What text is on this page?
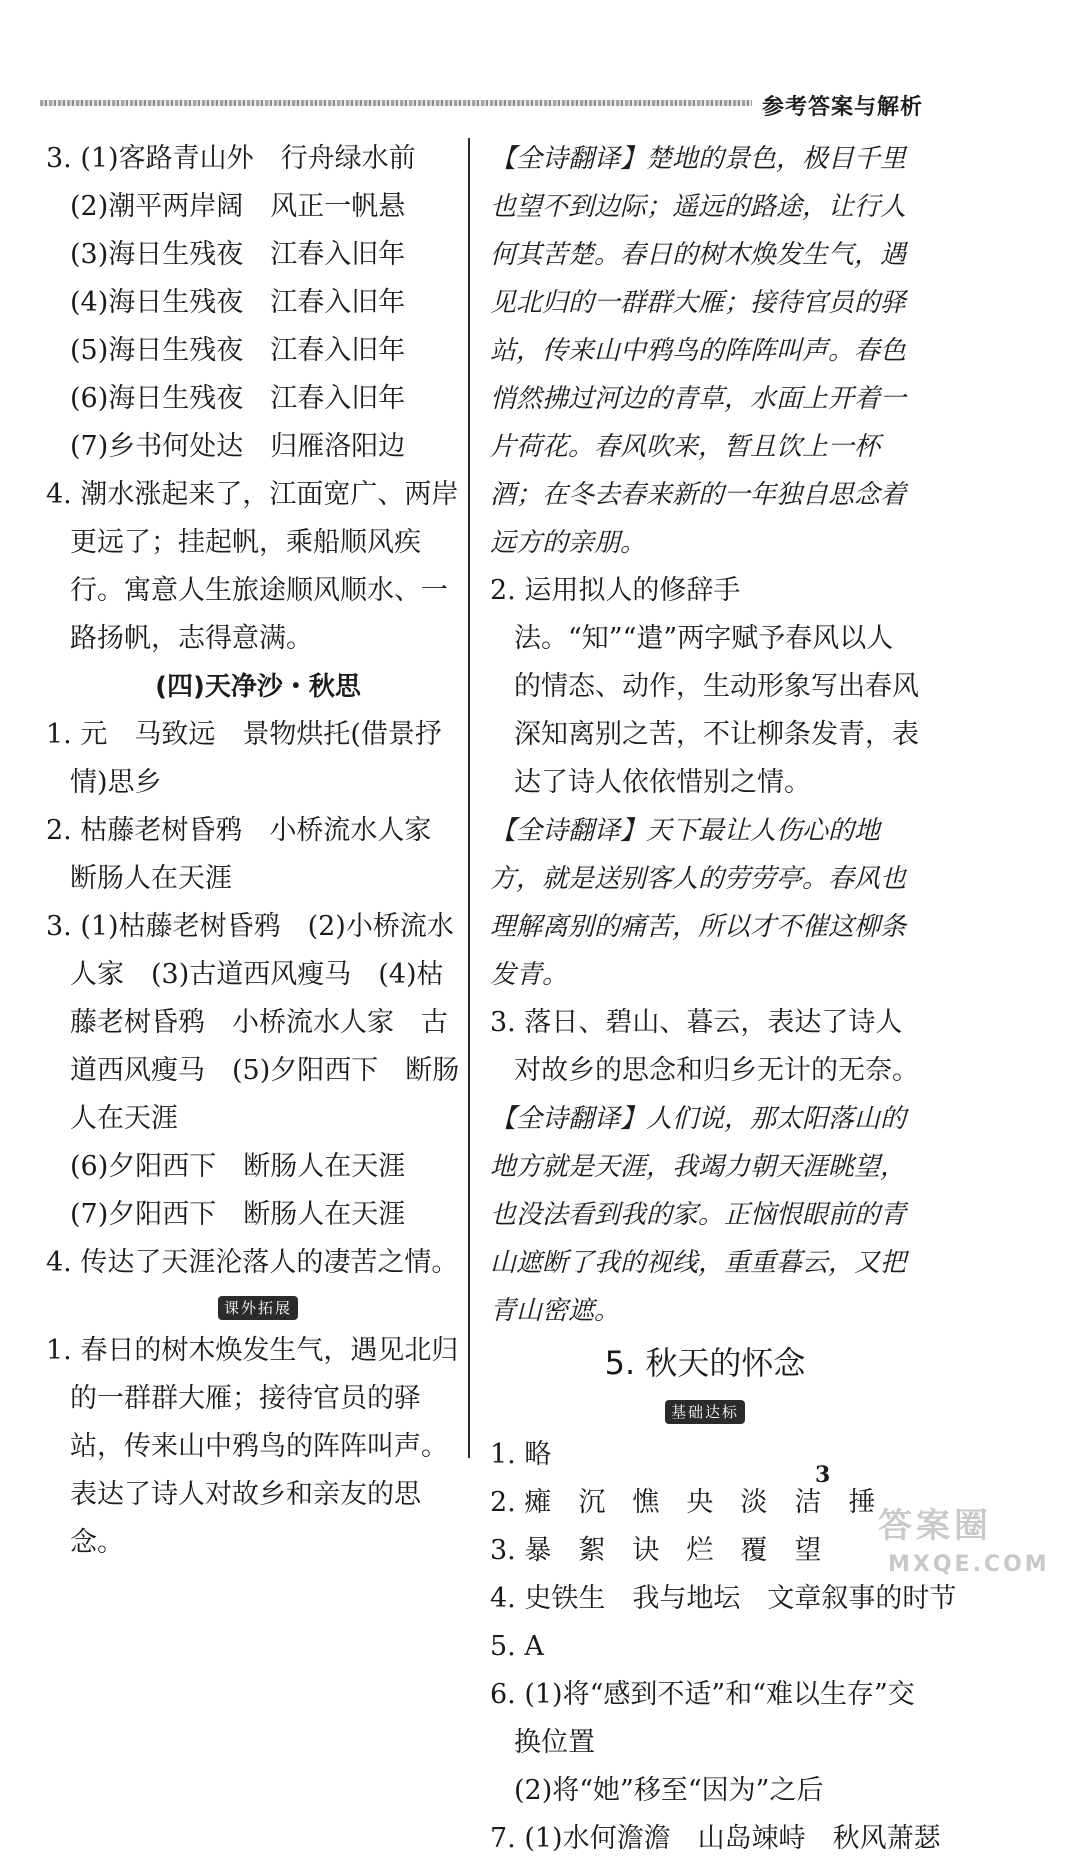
参考答案与解析
3. (1)客路青山外　行舟绿水前
(2)潮平两岸阔　风正一帆悬
(3)海日生残夜　江春入旧年
(4)海日生残夜　江春入旧年
(5)海日生残夜　江春入旧年
(6)海日生残夜　江春入旧年
(7)乡书何处达　归雁洛阳边
4. 潮水涨起来了，江面宽广、两岸更远了；挂起帆，乘船顺风疾行。寓意人生旅途顺风顺水、一路扬帆，志得意满。
(四)天净沙・秋思
1. 元　马致远　景物烘托(借景抒情)思乡
2. 枯藤老树昏鸦　小桥流水人家
断肠人在天涯
3. (1)枯藤老树昏鸦　(2)小桥流水人家　(3)古道西风瘦马　(4)枯藤老树昏鸦　小桥流水人家　古道西风瘦马　(5)夕阳西下　断肠人在天涯
(6)夕阳西下　断肠人在天涯
(7)夕阳西下　断肠人在天涯
4. 传达了天涯沦落人的凄苦之情。
课外拓展
1. 春日的树木焕发生气，遇见北归的一群群大雁；接待官员的驿站，传来山中鸦鸟的阵阵叫声。表达了诗人对故乡和亲友的思念。
【全诗翻译】楚地的景色，极目千里也望不到边际；遥远的路途，让行人何其苦楚。春日的树木焕发生气，遇见北归的一群群大雁；接待官员的驿站，传来山中鸦鸟的阵阵叫声。春色悄然拂过河边的青草，水面上开着一片荷花。春风吹来，暂且饮上一杯酒；在冬去春来新的一年独自思念着远方的亲朋。
2. 运用拟人的修辞手法。“知”“遣”两字赋予春风以人的情态、动作，生动形象写出春风深知离别之苦，不让柳条发青，表达了诗人依依惜别之情。
【全诗翻译】天下最让人伤心的地方，就是送别客人的劳劳亭。春风也理解离别的痛苦，所以才不催这柳条发青。
3. 落日、碧山、暮云，表达了诗人对故乡的思念和归乡无计的无奈。
【全诗翻译】人们说，那太阳落山的地方就是天涯，我竭力朝天涯眺望，也没法看到我的家。正恼恨眼前的青山遮断了我的视线，重重暮云，又把青山密遮。
5. 秋天的怀念
基础达标
1. 略
2. 瘫　沉　憔　央　淡　洁　捶
3. 暴　絮　诀　烂　覆　望
4. 史铁生　我与地坛　文章叙事的时节
5. A
6. (1)将“感到不适”和“难以生存”交换位置
(2)将“她”移至“因为”之后
7. (1)水何澹澹　山岛竦峙　秋风萧瑟
3
答案圈
MXQE.COM
